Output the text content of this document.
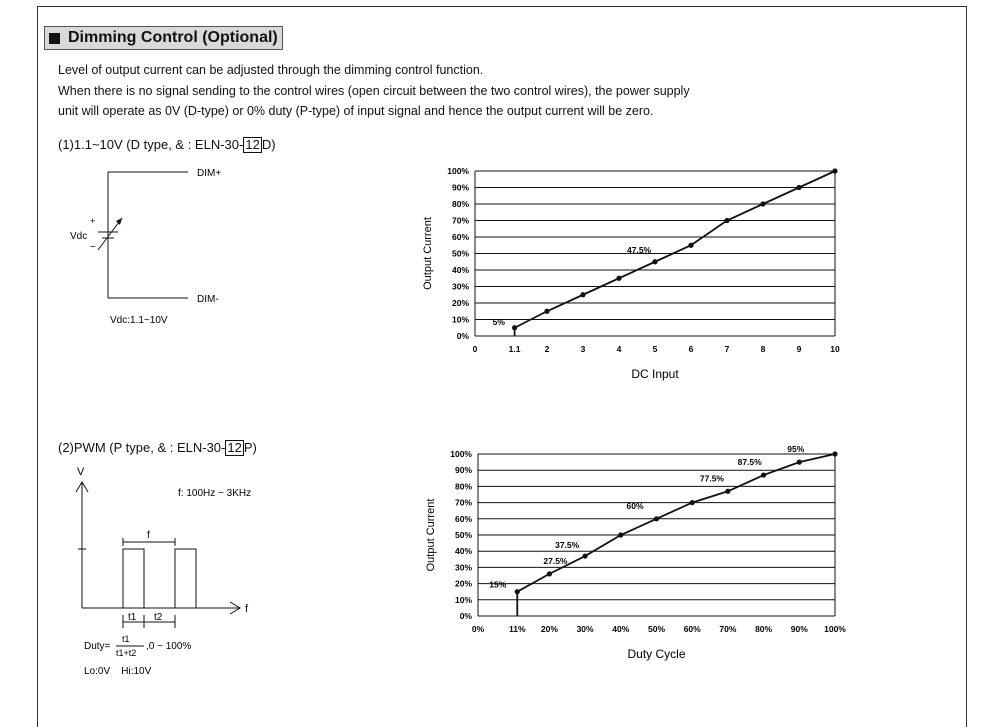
Dimming Control (Optional)
Level of output current can be adjusted through the dimming control function.
When there is no signal sending to the control wires (open circuit between the two control wires), the power supply
unit will operate as 0V (D-type) or 0% duty (P-type) of input signal and hence the output current will be zero.
(1)1.1~10V (D type, & : ELN-30- 12 D)
DIM+
DIM-
Vdc
+
−
Vdc:1.1~10V
(2)PWM (P type, & : ELN-30- 12 P)
V
f
f: 100Hz ~ 3KHz
f
t1 t2
Duty=
t1
t1+t2
,0 ~ 100%
Lo:0V    Hi:10V
0%
10%
20%
30%
40%
50%
60%
70%
80%
90%
100%
0	1.1	2	3	4	5	6	7	8	9	10
DC Input
Output Current
5%
47.5%
0%
10%
20%
30%
40%
50%
60%
70%
80%
90%
100%
0%	11% 20% 30% 40% 50% 60% 70% 80% 90% 100%
Duty Cycle
Output Current
15%
27.5%
37.5%
60%
77.5%
87.5%
95%
